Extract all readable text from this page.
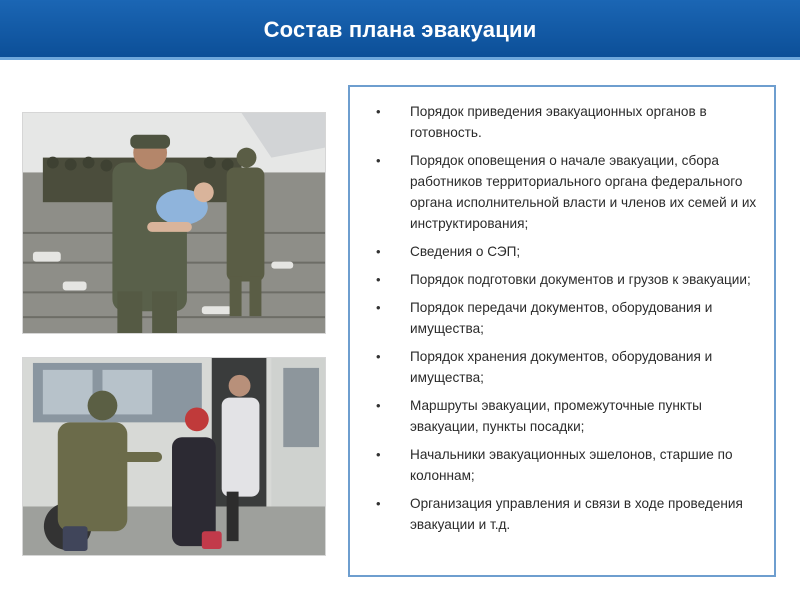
Состав плана эвакуации
• Порядок приведения эвакуационных органов в готовность.
• Порядок оповещения о начале эвакуации, сбора работников территориального органа федерального органа исполнительной власти и членов их семей и их инструктирования;
• Сведения о СЭП;
• Порядок подготовки документов и грузов к эвакуации;
• Порядок передачи документов, оборудования и имущества;
• Порядок хранения документов, оборудования и имущества;
• Маршруты эвакуации, промежуточные пункты эвакуации, пункты посадки;
• Начальники эвакуационных эшелонов, старшие по колоннам;
• Организация управления и связи в ходе проведения эвакуации и т.д.
